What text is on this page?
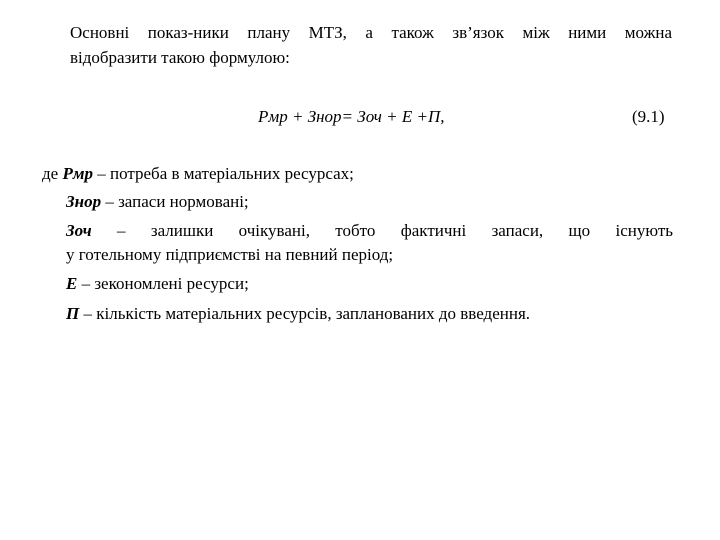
Основні показ-ники плану МТЗ, а також зв’язок між ними можна
відобразити такою формулою:
Рмр + Знор= Зоч + Е +П,	(9.1)
де Рмр – потреба в матеріальних ресурсах;
Знор – запаси нормовані;
Зоч – залишки очікувані, тобто фактичні запаси, що існують
у готельному підприємстві на певний період;
Е – зекономлені ресурси;
П – кількість матеріальних ресурсів, запланованих до введення.
